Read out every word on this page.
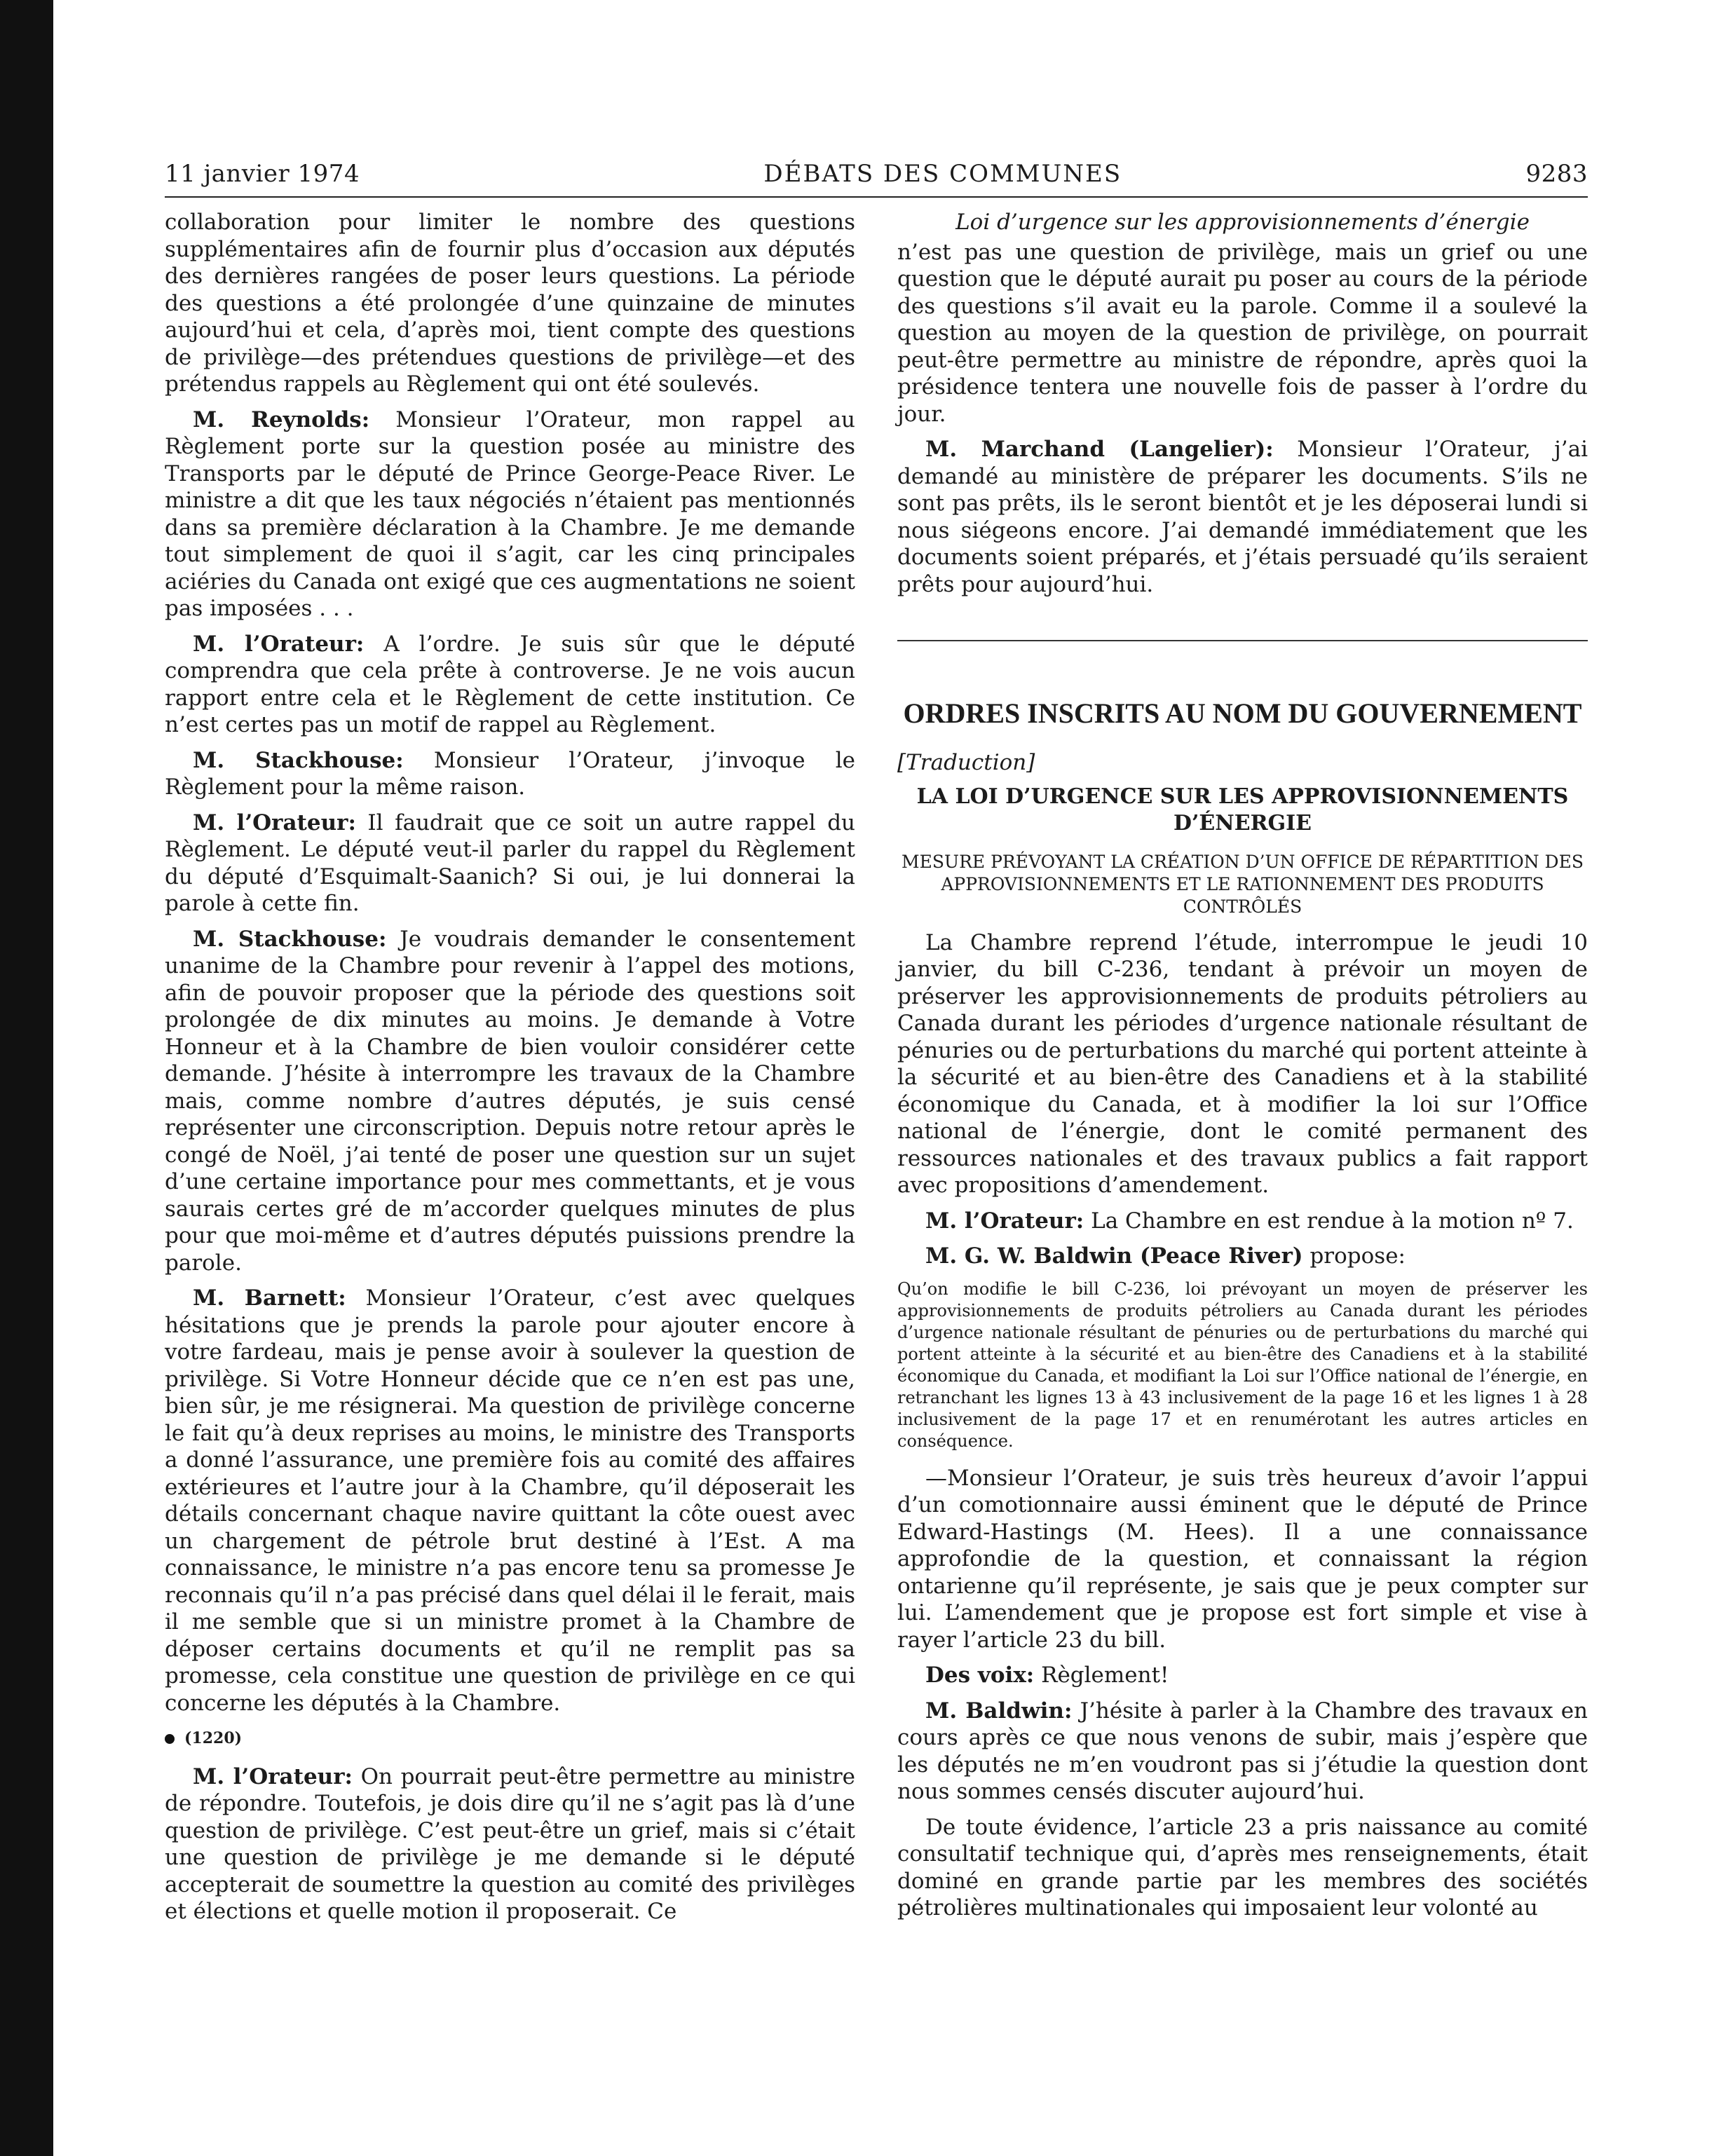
11 janvier 1974	DÉBATS DES COMMUNES	9283

collaboration pour limiter le nombre des questions supplémentaires afin de fournir plus d’occasion aux députés des dernières rangées de poser leurs questions. La période des questions a été prolongée d’une quinzaine de minutes aujourd’hui et cela, d’après moi, tient compte des questions de privilège—des prétendues questions de privilège—et des prétendus rappels au Règlement qui ont été soulevés.

M. Reynolds: Monsieur l’Orateur, mon rappel au Règlement porte sur la question posée au ministre des Transports par le député de Prince George-Peace River. Le ministre a dit que les taux négociés n’étaient pas mentionnés dans sa première déclaration à la Chambre. Je me demande tout simplement de quoi il s’agit, car les cinq principales aciéries du Canada ont exigé que ces augmentations ne soient pas imposées . . .

M. l’Orateur: A l’ordre. Je suis sûr que le député comprendra que cela prête à controverse. Je ne vois aucun rapport entre cela et le Règlement de cette institution. Ce n’est certes pas un motif de rappel au Règlement.

M. Stackhouse: Monsieur l’Orateur, j’invoque le Règlement pour la même raison.

M. l’Orateur: Il faudrait que ce soit un autre rappel du Règlement. Le député veut-il parler du rappel du Règlement du député d’Esquimalt-Saanich? Si oui, je lui donnerai la parole à cette fin.

M. Stackhouse: Je voudrais demander le consentement unanime de la Chambre pour revenir à l’appel des motions, afin de pouvoir proposer que la période des questions soit prolongée de dix minutes au moins. Je demande à Votre Honneur et à la Chambre de bien vouloir considérer cette demande. J’hésite à interrompre les travaux de la Chambre mais, comme nombre d’autres députés, je suis censé représenter une circonscription. Depuis notre retour après le congé de Noël, j’ai tenté de poser une question sur un sujet d’une certaine importance pour mes commettants, et je vous saurais certes gré de m’accorder quelques minutes de plus pour que moi-même et d’autres députés puissions prendre la parole.

M. Barnett: Monsieur l’Orateur, c’est avec quelques hésitations que je prends la parole pour ajouter encore à votre fardeau, mais je pense avoir à soulever la question de privilège. Si Votre Honneur décide que ce n’en est pas une, bien sûr, je me résignerai. Ma question de privilège concerne le fait qu’à deux reprises au moins, le ministre des Transports a donné l’assurance, une première fois au comité des affaires extérieures et l’autre jour à la Chambre, qu’il déposerait les détails concernant chaque navire quittant la côte ouest avec un chargement de pétrole brut destiné à l’Est. A ma connaissance, le ministre n’a pas encore tenu sa promesse Je reconnais qu’il n’a pas précisé dans quel délai il le ferait, mais il me semble que si un ministre promet à la Chambre de déposer certains documents et qu’il ne remplit pas sa promesse, cela constitue une question de privilège en ce qui concerne les députés à la Chambre.

(1220)

M. l’Orateur: On pourrait peut-être permettre au ministre de répondre. Toutefois, je dois dire qu’il ne s’agit pas là d’une question de privilège. C’est peut-être un grief, mais si c’était une question de privilège je me demande si le député accepterait de soumettre la question au comité des privilèges et élections et quelle motion il proposerait. Ce

Loi d’urgence sur les approvisionnements d’énergie

n’est pas une question de privilège, mais un grief ou une question que le député aurait pu poser au cours de la période des questions s’il avait eu la parole. Comme il a soulevé la question au moyen de la question de privilège, on pourrait peut-être permettre au ministre de répondre, après quoi la présidence tentera une nouvelle fois de passer à l’ordre du jour.

M. Marchand (Langelier): Monsieur l’Orateur, j’ai demandé au ministère de préparer les documents. S’ils ne sont pas prêts, ils le seront bientôt et je les déposerai lundi si nous siégeons encore. J’ai demandé immédiatement que les documents soient préparés, et j’étais persuadé qu’ils seraient prêts pour aujourd’hui.

ORDRES INSCRITS AU NOM DU GOUVERNEMENT
[Traduction]
LA LOI D’URGENCE SUR LES APPROVISIONNEMENTS D’ÉNERGIE
MESURE PRÉVOYANT LA CRÉATION D’UN OFFICE DE RÉPARTITION DES APPROVISIONNEMENTS ET LE RATIONNEMENT DES PRODUITS CONTRÔLÉS

La Chambre reprend l’étude, interrompue le jeudi 10 janvier, du bill C-236, tendant à prévoir un moyen de préserver les approvisionnements de produits pétroliers au Canada durant les périodes d’urgence nationale résultant de pénuries ou de perturbations du marché qui portent atteinte à la sécurité et au bien-être des Canadiens et à la stabilité économique du Canada, et à modifier la loi sur l’Office national de l’énergie, dont le comité permanent des ressources nationales et des travaux publics a fait rapport avec propositions d’amendement.

M. l’Orateur: La Chambre en est rendue à la motion nº 7.

M. G. W. Baldwin (Peace River) propose:

Qu’on modifie le bill C-236, loi prévoyant un moyen de préserver les approvisionnements de produits pétroliers au Canada durant les périodes d’urgence nationale résultant de pénuries ou de perturbations du marché qui portent atteinte à la sécurité et au bien-être des Canadiens et à la stabilité économique du Canada, et modifiant la Loi sur l’Office national de l’énergie, en retranchant les lignes 13 à 43 inclusivement de la page 16 et les lignes 1 à 28 inclusivement de la page 17 et en renumérotant les autres articles en conséquence.

—Monsieur l’Orateur, je suis très heureux d’avoir l’appui d’un comotionnaire aussi éminent que le député de Prince Edward-Hastings (M. Hees). Il a une connaissance approfondie de la question, et connaissant la région ontarienne qu’il représente, je sais que je peux compter sur lui. L’amendement que je propose est fort simple et vise à rayer l’article 23 du bill.

Des voix: Règlement!

M. Baldwin: J’hésite à parler à la Chambre des travaux en cours après ce que nous venons de subir, mais j’espère que les députés ne m’en voudront pas si j’étudie la question dont nous sommes censés discuter aujourd’hui.

De toute évidence, l’article 23 a pris naissance au comité consultatif technique qui, d’après mes renseignements, était dominé en grande partie par les membres des sociétés pétrolières multinationales qui imposaient leur volonté au
